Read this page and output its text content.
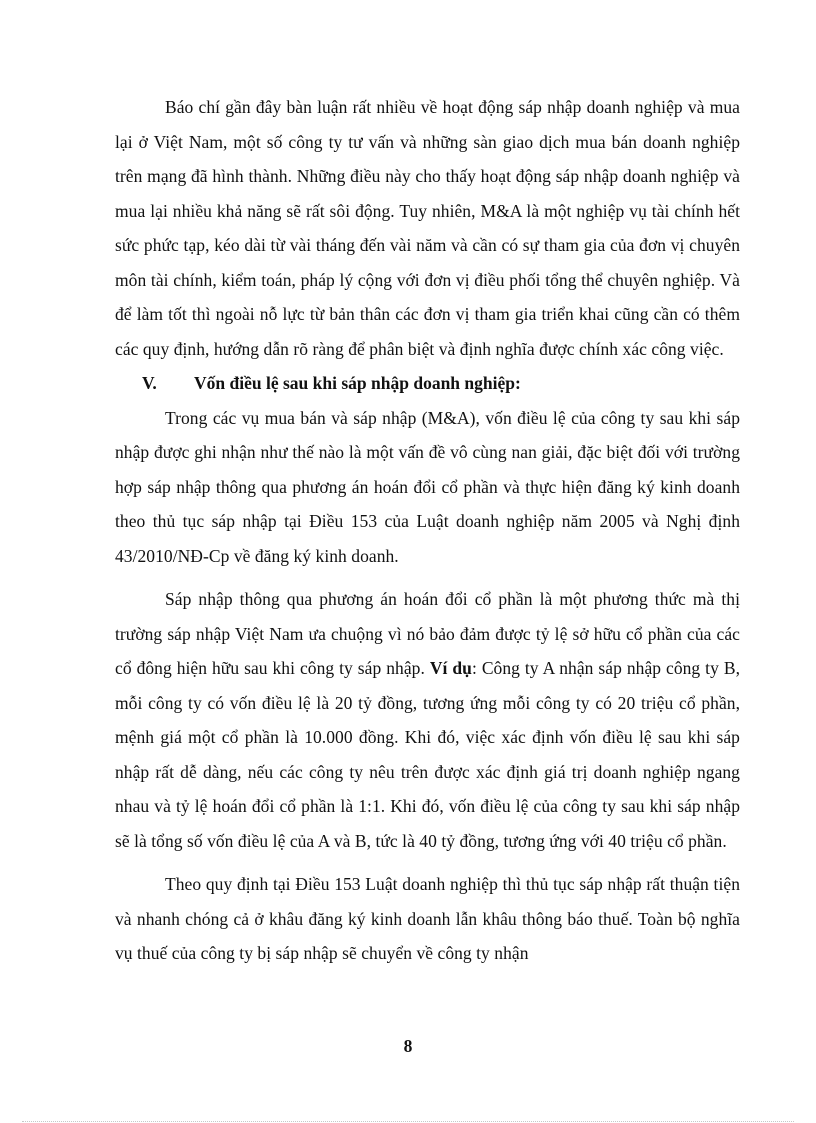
Báo chí gần đây bàn luận rất nhiều về hoạt động sáp nhập doanh nghiệp và mua lại ở Việt Nam, một số công ty tư vấn và những sàn giao dịch mua bán doanh nghiệp trên mạng đã hình thành. Những điều này cho thấy hoạt động sáp nhập doanh nghiệp và mua lại nhiều khả năng sẽ rất sôi động. Tuy nhiên, M&A là một nghiệp vụ tài chính hết sức phức tạp, kéo dài từ vài tháng đến vài năm và cần có sự tham gia của đơn vị chuyên môn tài chính, kiểm toán, pháp lý cộng với đơn vị điều phối tổng thể chuyên nghiệp. Và để làm tốt thì ngoài nỗ lực từ bản thân các đơn vị tham gia triển khai cũng cần có thêm các quy định, hướng dẫn rõ ràng để phân biệt và định nghĩa được chính xác công việc.

V.	Vốn điều lệ sau khi sáp nhập doanh nghiệp:

Trong các vụ mua bán và sáp nhập (M&A), vốn điều lệ của công ty sau khi sáp nhập được ghi nhận như thế nào là một vấn đề vô cùng nan giải, đặc biệt đối với trường hợp sáp nhập thông qua phương án hoán đổi cổ phần và thực hiện đăng ký kinh doanh theo thủ tục sáp nhập tại Điều 153 của Luật doanh nghiệp năm 2005 và Nghị định 43/2010/NĐ-Cp về đăng ký kinh doanh.

Sáp nhập thông qua phương án hoán đổi cổ phần là một phương thức mà thị trường sáp nhập Việt Nam ưa chuộng vì nó bảo đảm được tỷ lệ sở hữu cổ phần của các cổ đông hiện hữu sau khi công ty sáp nhập. Ví dụ: Công ty A nhận sáp nhập công ty B, mỗi công ty có vốn điều lệ là 20 tỷ đồng, tương ứng mỗi công ty có 20 triệu cổ phần, mệnh giá một cổ phần là 10.000 đồng. Khi đó, việc xác định vốn điều lệ sau khi sáp nhập rất dễ dàng, nếu các công ty nêu trên được xác định giá trị doanh nghiệp ngang nhau và tỷ lệ hoán đổi cổ phần là 1:1. Khi đó, vốn điều lệ của công ty sau khi sáp nhập sẽ là tổng số vốn điều lệ của A và B, tức là 40 tỷ đồng, tương ứng với 40 triệu cổ phần.

Theo quy định tại Điều 153 Luật doanh nghiệp thì thủ tục sáp nhập rất thuận tiện và nhanh chóng cả ở khâu đăng ký kinh doanh lẫn khâu thông báo thuế. Toàn bộ nghĩa vụ thuế của công ty bị sáp nhập sẽ chuyển về công ty nhận

8
